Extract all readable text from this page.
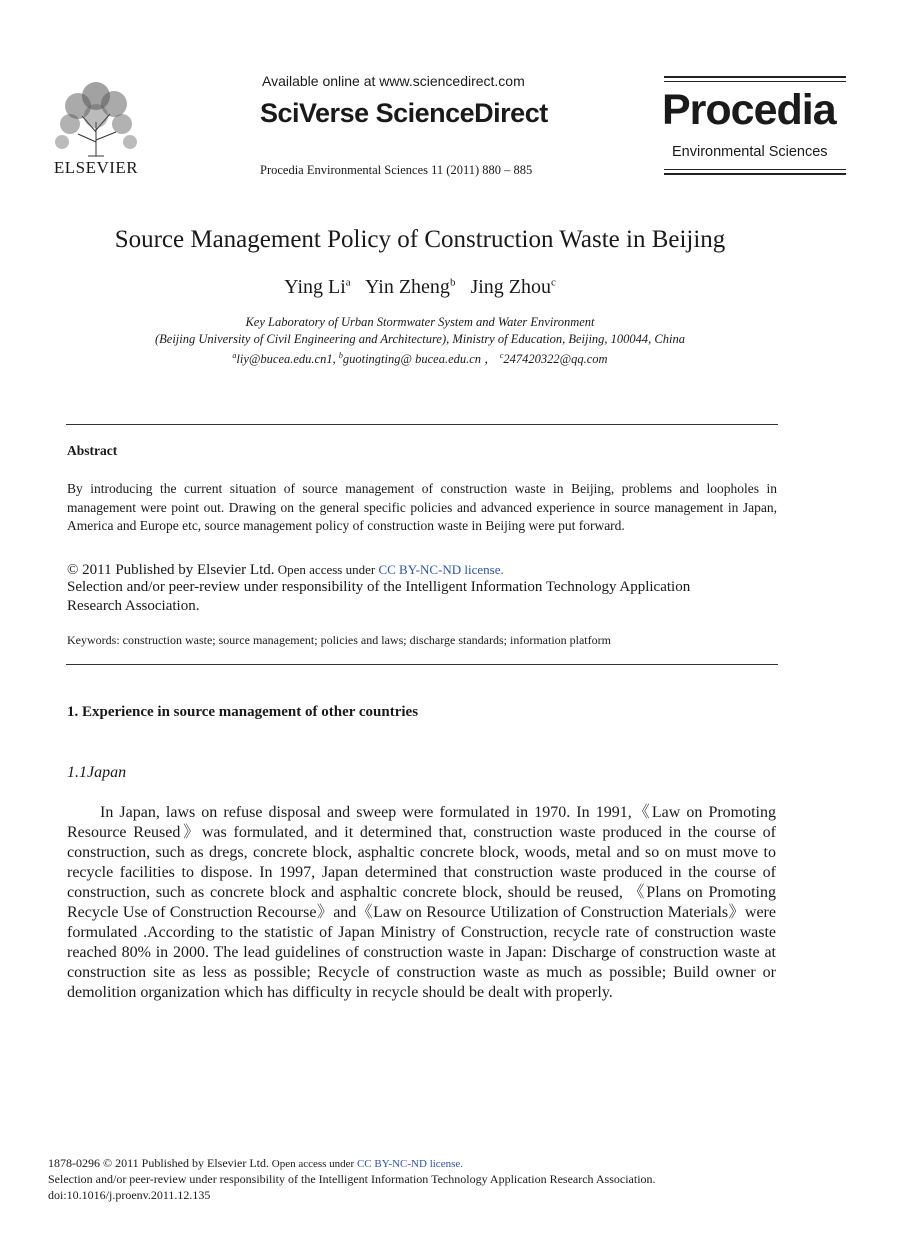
ELSEVIER
Available online at www.sciencedirect.com
SciVerse ScienceDirect
Procedia Environmental Sciences 11 (2011) 880 – 885
Procedia
Environmental Sciences
Source Management Policy of Construction Waste in Beijing
Ying Li$^a$ Yin Zheng$^b$ Jing Zhou$^c$
Key Laboratory of Urban Stormwater System and Water Environment
(Beijing University of Civil Engineering and Architecture), Ministry of Education, Beijing, 100044, China
$^a$liy@bucea.edu.cn1, $^b$guotingting@ bucea.edu.cn ， $^c$247420322@qq.com
Abstract
By introducing the current situation of source management of construction waste in Beijing, problems and loopholes in management were point out. Drawing on the general specific policies and advanced experience in source management in Japan, America and Europe etc, source management policy of construction waste in Beijing were put forward.
© 2011 Published by Elsevier Ltd. Open access under CC BY-NC-ND license.
Selection and/or peer-review under responsibility of the Intelligent Information Technology Application
Research Association.
Keywords: construction waste; source management; policies and laws; discharge standards; information platform
1. Experience in source management of other countries
1.1Japan
In Japan, laws on refuse disposal and sweep were formulated in 1970. In 1991,《Law on Promoting Resource Reused》was formulated, and it determined that, construction waste produced in the course of construction, such as dregs, concrete block, asphaltic concrete block, woods, metal and so on must move to recycle facilities to dispose. In 1997, Japan determined that construction waste produced in the course of construction, such as concrete block and asphaltic concrete block, should be reused, 《Plans on Promoting Recycle Use of Construction Recourse》and《Law on Resource Utilization of Construction Materials》were formulated .According to the statistic of Japan Ministry of Construction, recycle rate of construction waste reached 80% in 2000. The lead guidelines of construction waste in Japan: Discharge of construction waste at construction site as less as possible; Recycle of construction waste as much as possible; Build owner or demolition organization which has difficulty in recycle should be dealt with properly.
1878-0296 © 2011 Published by Elsevier Ltd. Open access under CC BY-NC-ND license.
Selection and/or peer-review under responsibility of the Intelligent Information Technology Application Research Association.
doi:10.1016/j.proenv.2011.12.135
